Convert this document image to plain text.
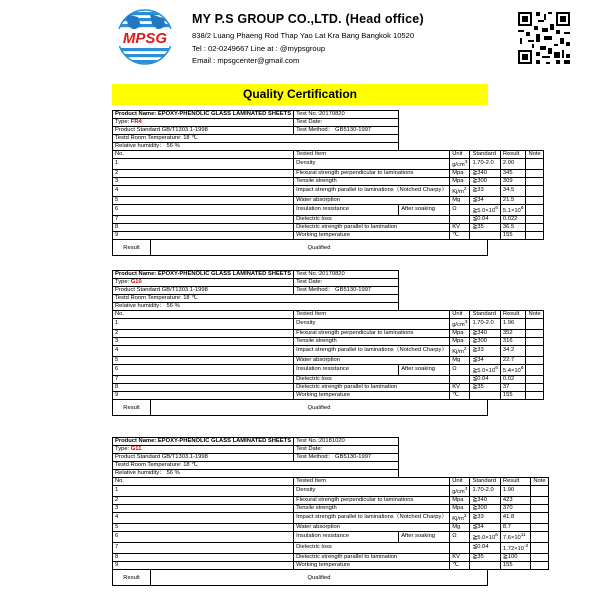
MPSG
MY P.S GROUP CO.,LTD. (Head office)
838/2 Luang Phaeng Rod Thap Yao Lat Kra Bang Bangkok 10520
Tel : 02-0249667 Line at : @mypsgroup
Email : mpsgcenter@gmail.com
Quality Certification
Product Name: EPOXY-PHENOLIC GLASS LAMINATED SHEETS	Test No.:20170820					
Type: FR4	Test Date:					
Product Standard GB/T1303.1-1998	Test Method： GB5130-1997					
Testd Room Temperature: 18 ℃						
Relative humidity： 56 %						
No.	Tested Item		Unit	Standard	Result	Note
1	Density		$g/cm^3$	1.70-2.0	2.00	
2	Flexural strength perpendicular to laminations		Mpa	≧340	345	
3	Tensile strength		Mpa	≧300	309	
4	Impact strength parallel to laminations（Notched Charpy）		$Kj/m^2$	≧33	34.5	
5	Water absorption		Mg	≦34	21.5	
6	Insulation resistance	After soaking	Ω	$≧5.0\times 10^6$	$5.1\times 10^6$	
7	Dielectric loss			≦0.04	0.022	
8	Dielectric strength parallel to lamination		KV	≧35	36.5	
9	Working temperature		℃		155	
Result	Qualified
Product Name: EPOXY-PHENOLIC GLASS LAMINATED SHEETS	Test No.:20170820					
Type: G10	Test Date:					
Product Standard GB/T1303.1-1998	Test Method： GB5130-1997					
Testd Room Temperature: 18 ℃						
Relative humidity： 56 %						
No.	Tested Item		Unit	Standard	Result	Note
1	Density		$g/cm^3$	1.70-2.0	1.96	
2	Flexural strength perpendicular to laminations		Mpa	≧340	352	
3	Tensile strength		Mpa	≧300	316	
4	Impact strength parallel to laminations（Notched Charpy）		$Kj/m^2$	≧33	34.2	
5	Water absorption		Mg	≦34	22.7	
6	Insulation resistance	After soaking	Ω	$≧5.0\times 10^6$	$5.4\times 10^6$	
7	Dielectric loss			≦0.04	0.02	
8	Dielectric strength parallel to lamination		KV	≧35	37	
9	Working temperature		℃		155	
Result	Qualified
Product Name: EPOXY-PHENOLIC GLASS LAMINATED SHEETS	Test No.:20181020					
Type: G11	Test Date:					
Product Standard GB/T1303.1-1998	Test Method： GB5130-1997					
Testd Room Temperature: 18 ℃						
Relative humidity： 56 %						
No.	Tested Item		Unit	Standard	Result	Note
1	Density		$g/cm^3$	1.70-2.0	1.90	
2	Flexural strength perpendicular to laminations		Mpa	≧340	423	
3	Tensile strength		Mpa	≧300	370	
4	Impact strength parallel to laminations（Notched Charpy）		$Kj/m^2$	≧33	41.8	
5	Water absorption		Mg	≦34	8.7	
6	Insulation resistance	After soaking	Ω	$≧5.0\times 10^6$	$7.6\times 10^{11}$	
7	Dielectric loss			≦0.04	$1.72\times 10^{-2}$	
8	Dielectric strength parallel to lamination		KV	≧35	≧100	
9	Working temperature		℃		155	
Result	Qualified
